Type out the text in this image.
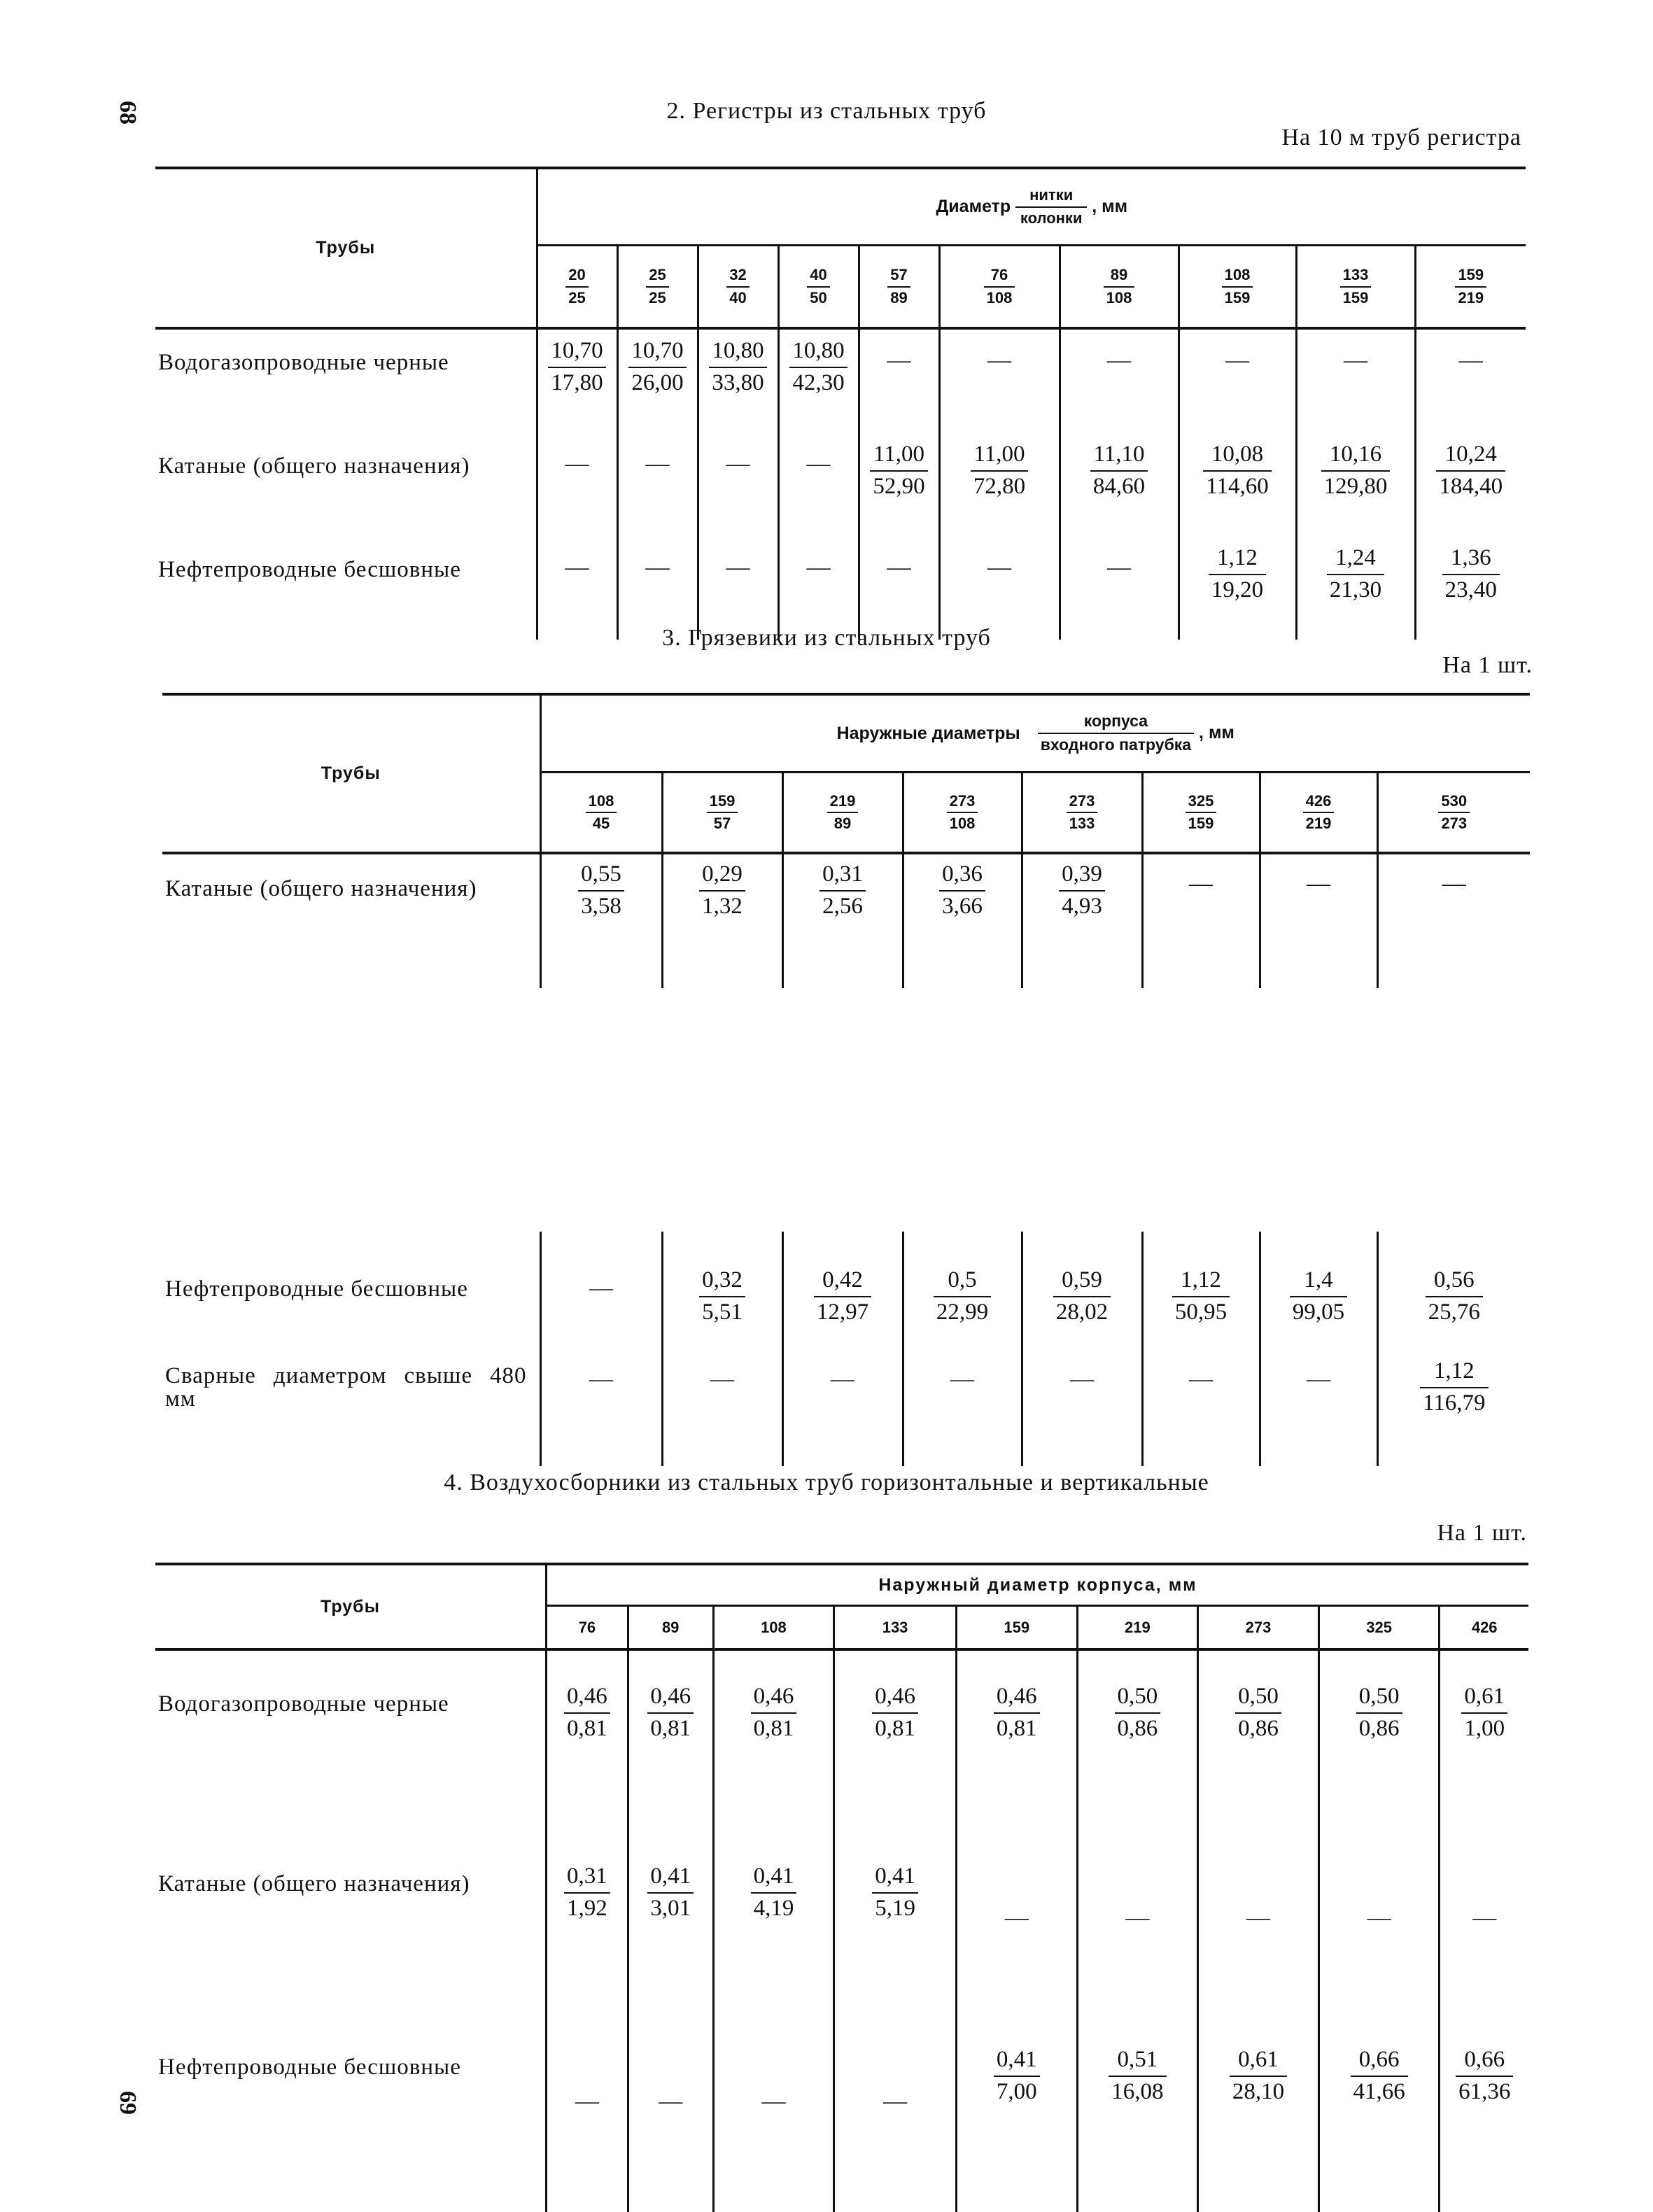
68
69
2. Регистры из стальных труб
На 10 м труб регистра
Трубы	Диаметр $\frac{\text{нитки}}{\text{колонки}}$ , мм									

	$\frac{20}{25}$	$\frac{25}{25}$	$\frac{32}{40}$	$\frac{40}{50}$	$\frac{57}{89}$	$\frac{76}{108}$	$\frac{89}{108}$	$\frac{108}{159}$	$\frac{133}{159}$	$\frac{159}{219}$
Водогазопроводные черные	$\frac{10,70}{17,80}$	$\frac{10,70}{26,00}$	$\frac{10,80}{33,80}$	$\frac{10,80}{42,30}$	—	—	—	—	—	—
Катаные (общего назначения)	—	—	—	—	$\frac{11,00}{52,90}$	$\frac{11,00}{72,80}$	$\frac{11,10}{84,60}$	$\frac{10,08}{114,60}$	$\frac{10,16}{129,80}$	$\frac{10,24}{184,40}$

Нефтепроводные бесшовные	—	—	—	—	—	—	—	$\frac{1,12}{19,20}$	$\frac{1,24}{21,30}$	$\frac{1,36}{23,40}$
3. Грязевики из стальных труб
На 1 шт.
Трубы	Наружные диаметры $\frac{\text{корпуса}}{\text{входного патрубка}}$ , мм							

	$\frac{108}{45}$	$\frac{159}{57}$	$\frac{219}{89}$	$\frac{273}{108}$	$\frac{273}{133}$	$\frac{325}{159}$	$\frac{426}{219}$	$\frac{530}{273}$
Катаные (общего назначения)	$\frac{0,55}{3,58}$	$\frac{0,29}{1,32}$	$\frac{0,31}{2,56}$	$\frac{0,36}{3,66}$	$\frac{0,39}{4,93}$	—	—	—
Нефтепроводные бесшовные	—	$\frac{0,32}{5,51}$	$\frac{0,42}{12,97}$	$\frac{0,5}{22,99}$	$\frac{0,59}{28,02}$	$\frac{1,12}{50,95}$	$\frac{1,4}{99,05}$	$\frac{0,56}{25,76}$

Сварные диаметром свыше 480 мм	—	—	—	—	—	—	—	$\frac{1,12}{116,79}$
4. Воздухосборники из стальных труб горизонтальные и вертикальные
На 1 шт.
Трубы	Наружный диаметр корпуса, мм								
	76	89	108	133	159	219	273	325	426
Водогазопроводные черные	$\frac{0,46}{0,81}$	$\frac{0,46}{0,81}$	$\frac{0,46}{0,81}$	$\frac{0,46}{0,81}$	$\frac{0,46}{0,81}$	$\frac{0,50}{0,86}$	$\frac{0,50}{0,86}$	$\frac{0,50}{0,86}$	$\frac{0,61}{1,00}$

Катаные (общего назначения)	$\frac{0,31}{1,92}$	$\frac{0,41}{3,01}$	$\frac{0,41}{4,19}$	$\frac{0,41}{5,19}$	—	—	—	—	—
Нефтепроводные бесшовные	—	—	—	—	$\frac{0,41}{7,00}$	$\frac{0,51}{16,08}$	$\frac{0,61}{28,10}$	$\frac{0,66}{41,66}$	$\frac{0,66}{61,36}$
